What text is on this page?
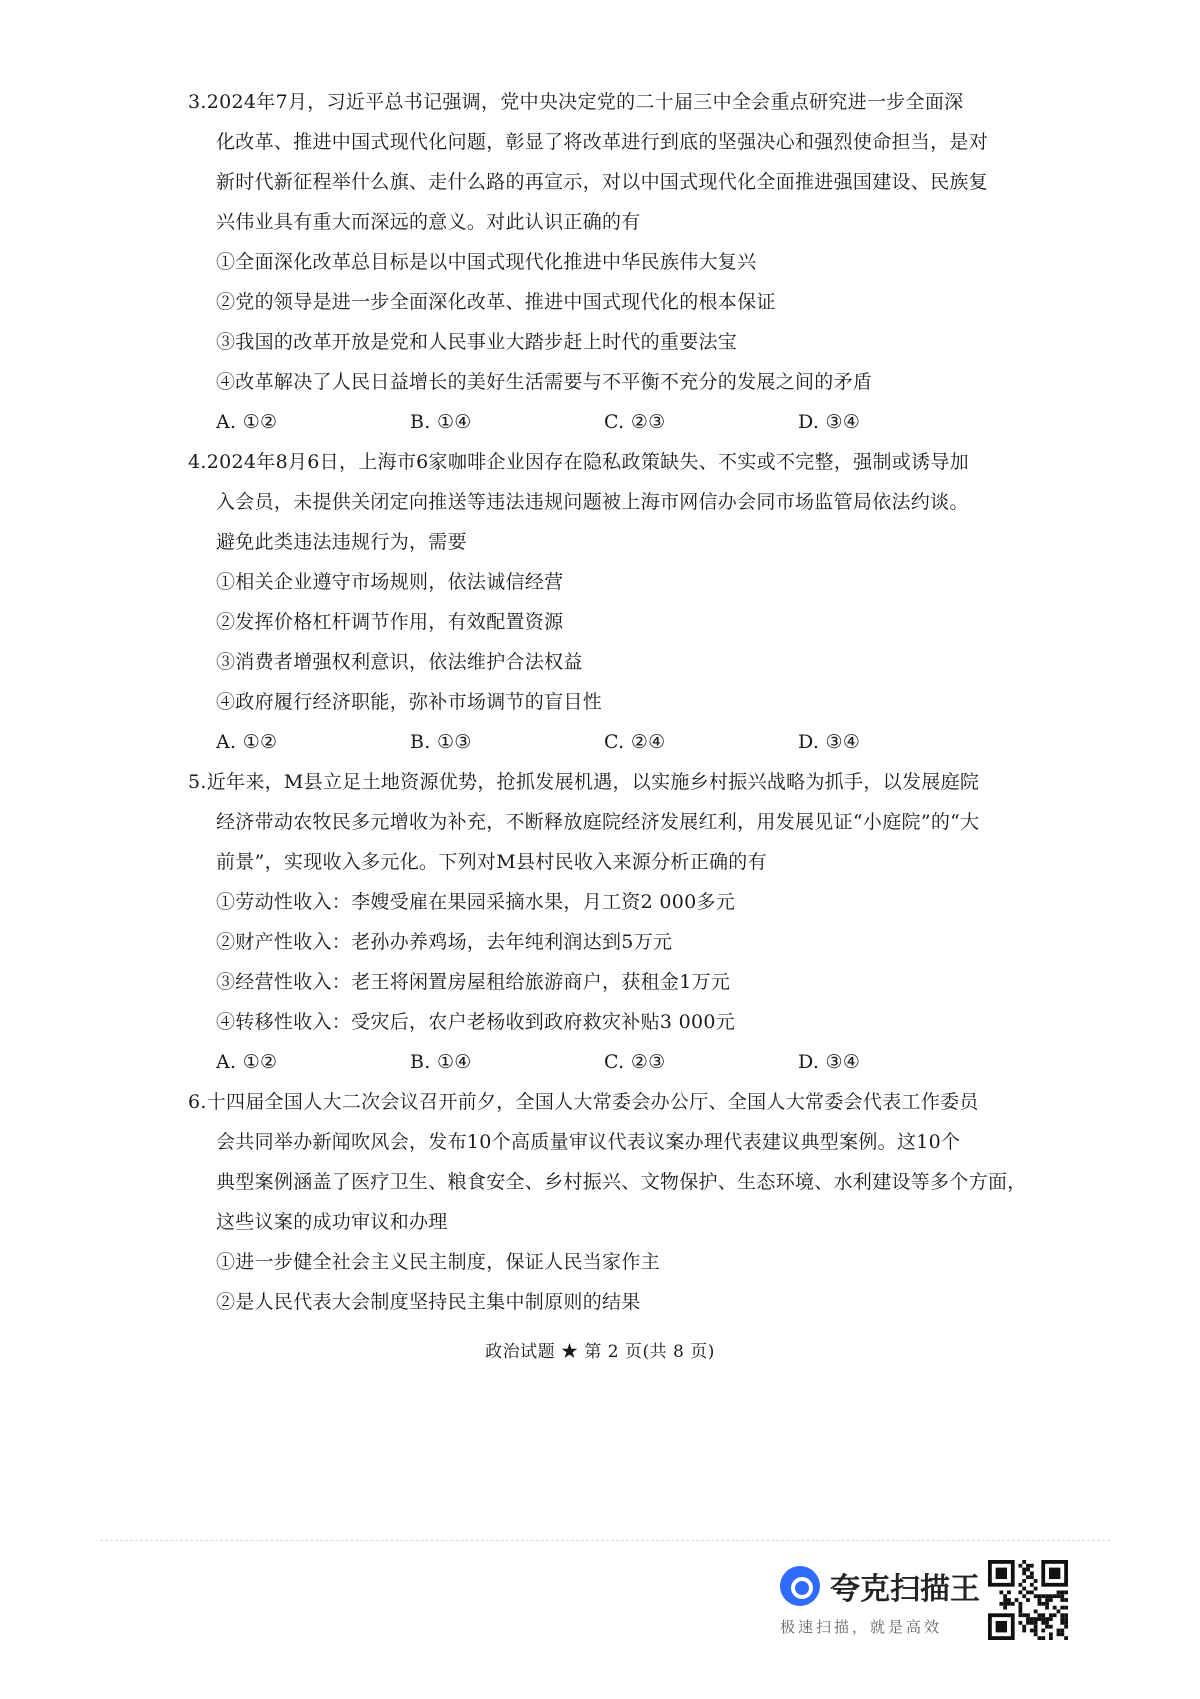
3.2024年7月，习近平总书记强调，党中央决定党的二十届三中全会重点研究进一步全面深
化改革、推进中国式现代化问题，彰显了将改革进行到底的坚强决心和强烈使命担当，是对
新时代新征程举什么旗、走什么路的再宣示，对以中国式现代化全面推进强国建设、民族复
兴伟业具有重大而深远的意义。对此认识正确的有
①全面深化改革总目标是以中国式现代化推进中华民族伟大复兴
②党的领导是进一步全面深化改革、推进中国式现代化的根本保证
③我国的改革开放是党和人民事业大踏步赶上时代的重要法宝
④改革解决了人民日益增长的美好生活需要与不平衡不充分的发展之间的矛盾
A. ①②	B. ①④	C. ②③	D. ③④
4.2024年8月6日，上海市6家咖啡企业因存在隐私政策缺失、不实或不完整，强制或诱导加
入会员，未提供关闭定向推送等违法违规问题被上海市网信办会同市场监管局依法约谈。
避免此类违法违规行为，需要
①相关企业遵守市场规则，依法诚信经营
②发挥价格杠杆调节作用，有效配置资源
③消费者增强权利意识，依法维护合法权益
④政府履行经济职能，弥补市场调节的盲目性
A. ①②	B. ①③	C. ②④	D. ③④
5.近年来，M县立足土地资源优势，抢抓发展机遇，以实施乡村振兴战略为抓手，以发展庭院
经济带动农牧民多元增收为补充，不断释放庭院经济发展红利，用发展见证“小庭院”的“大
前景”，实现收入多元化。下列对M县村民收入来源分析正确的有
①劳动性收入：李嫂受雇在果园采摘水果，月工资2 000多元
②财产性收入：老孙办养鸡场，去年纯利润达到5万元
③经营性收入：老王将闲置房屋租给旅游商户，获租金1万元
④转移性收入：受灾后，农户老杨收到政府救灾补贴3 000元
A. ①②	B. ①④	C. ②③	D. ③④
6.十四届全国人大二次会议召开前夕，全国人大常委会办公厅、全国人大常委会代表工作委员
会共同举办新闻吹风会，发布10个高质量审议代表议案办理代表建议典型案例。这10个
典型案例涵盖了医疗卫生、粮食安全、乡村振兴、文物保护、生态环境、水利建设等多个方面，
这些议案的成功审议和办理
①进一步健全社会主义民主制度，保证人民当家作主
②是人民代表大会制度坚持民主集中制原则的结果
政治试题 ★ 第 2 页(共 8 页)
夸克扫描王
极速扫描，就是高效
